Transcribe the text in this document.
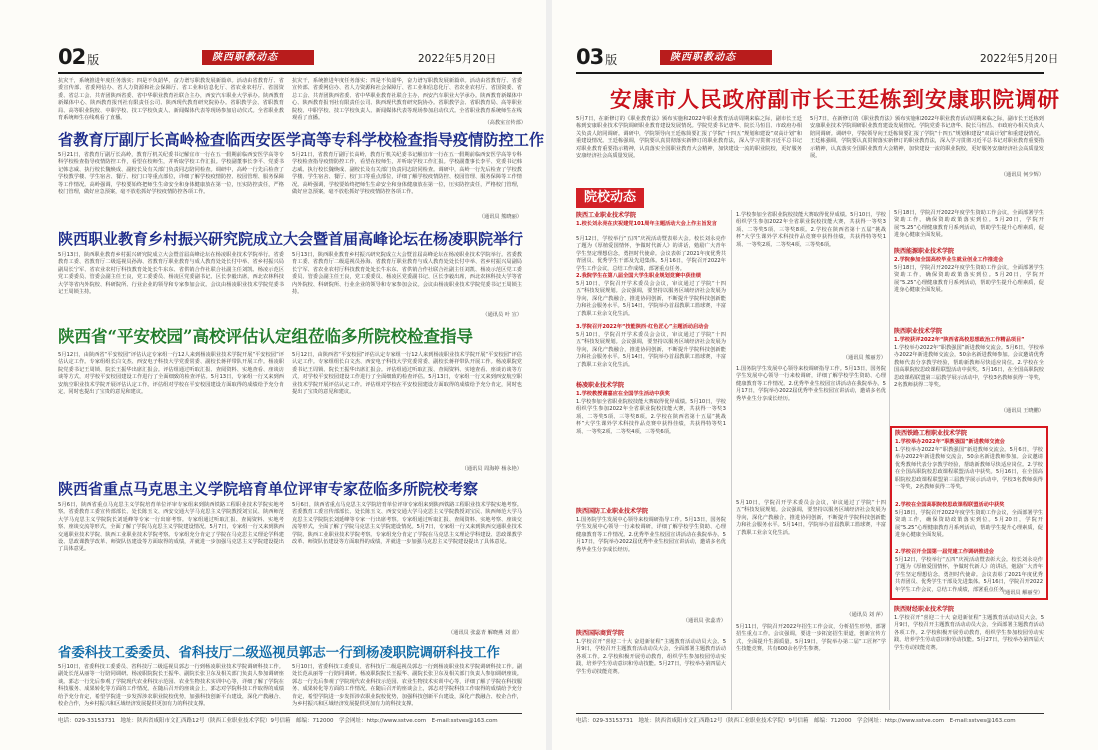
02 版	陕西职教动态	2022年5月20日
抗灾干，系统推进年度任务落实；四是不负韶华，奋力谱写职教发展新篇章。活动由省教育厅、省委宣传部、省委网信办、省人力资源和社会保障厅、省工业和信息化厅、省农业农村厅、省国资委、省总工会、共青团陕西省委、省中华职业教育社联合主办，西安汽车职业大学承办。陕西教育新媒体中心、陕西教育报刊社有限责任公司、陕西现代教育研究院协办。省职教学会、省职教育局、高等职业院校、中职学校、技工学校负责人、新闻媒体代表等现场参加启动仪式。全省职业教育系统师生在线观看了直播。
抗灾干，系统推进年度任务落实；四是不负韶华，奋力谱写职教发展新篇章。活动由省教育厅、省委宣传部、省委网信办、省人力资源和社会保障厅、省工业和信息化厅、省农业农村厅、省国资委、省总工会、共青团陕西省委、省中华职业教育社联合主办，西安汽车职业大学承办。陕西教育新媒体中心、陕西教育报刊社有限责任公司、陕西现代教育研究院协办。省职教学会、省职教育局、高等职业院校、中职学校、技工学校负责人、新闻媒体代表等现场参加启动仪式。全省职业教育系统师生在线观看了直播。
（高教室宣传部）
省教育厅副厅长高岭检查临西安医学高等专科学校检查指导疫情防控工作
5月21日，省教育厅副厅长高岭，教育厅机关纪委书记解宜市一行在五一假期前临西安医学高等专科学校检查指导疫情防控工作，看望在校师生，并听取学校工作汇报。学校副董事长李平、党委书记韩志威、执行校长魏焕成、副校长及有关部门负责同志陪同检查。调研中，高岭一行先后检查了学校教学楼、学生宿舍、餐厅、校门口等重点部位，详细了解学校疫情防控、校园管理、服务保障等工作情况。高岭强调，学校要始终把师生生命安全和身体健康放在第一位，压实防控责任，严格校门管理，做好应急预案，毫不放松抓好学校疫情防控各项工作。
5月21日，省教育厅副厅长高岭，教育厅机关纪委书记解宜市一行在五一假期前临西安医学高等专科学校检查指导疫情防控工作，看望在校师生，并听取学校工作汇报。学校副董事长李平、党委书记韩志威、执行校长魏焕成、副校长及有关部门负责同志陪同检查。调研中，高岭一行先后检查了学校教学楼、学生宿舍、餐厅、校门口等重点部位，详细了解学校疫情防控、校园管理、服务保障等工作情况。高岭强调，学校要始终把师生生命安全和身体健康放在第一位，压实防控责任，严格校门管理，做好应急预案，毫不放松抓好学校疫情防控各项工作。
（通讯员 熊晓丽）
陕西职业教育乡村振兴研究院成立大会暨首届高峰论坛在杨凌职院举行
5月13日，陕西职业教育乡村振兴研究院成立大会暨首届高峰论坛在杨凌职业技术学院举行。省委教育工委、省教育厅二级巡视员孙海、省教育厅职业教育与成人教育处处长付中举、省乡村振兴局副局长宁军、省农业农村厅科技教育处处长牛东东、省供销合作社联合社副主任刘凯、杨凌示范区党工委委员、管委会副主任王良，党工委委员、杨凌区党委副书记、区长李毅出席，西北农林科技大学等省内外院校、科研院所、行业企业的领导和专家参加会议。会议由杨凌职业技术学院党委书记王周锁主持。
5月13日，陕西职业教育乡村振兴研究院成立大会暨首届高峰论坛在杨凌职业技术学院举行。省委教育工委、省教育厅二级巡视员孙海、省教育厅职业教育与成人教育处处长付中举、省乡村振兴局副局长宁军、省农业农村厅科技教育处处长牛东东、省供销合作社联合社副主任刘凯、杨凌示范区党工委委员、管委会副主任王良，党工委委员、杨凌区党委副书记、区长李毅出席，西北农林科技大学等省内外院校、科研院所、行业企业的领导和专家参加会议。会议由杨凌职业技术学院党委书记王周锁主持。
（通讯员 叶 宣）
陕西省“平安校园”高校评估认定组莅临多所院校检查指导
5月12日，由陕西省“平安校园”评估认定专家组一行12人来到杨凌职业技术学院开展“平安校园”评估认定工作。专家组组长白文杰、西安电子科技大学党委常委、副校长蒋祥带队开展工作。杨凌职院党委书记王周锁、院长王振华出席汇报会。评估组通过听取汇报、查阅资料、实地查看、座谈访谈等方式，对学校平安校园建设工作进行了全面细致的检查评估。5月13日，专家组一行又来到西安航空职业技术学院开展评估认定工作。评估组对学校在平安校园建设方面取得的成绩给予充分肯定，同时也提出了宝贵的意见和建议。
5月12日，由陕西省“平安校园”评估认定专家组一行12人来到杨凌职业技术学院开展“平安校园”评估认定工作。专家组组长白文杰、西安电子科技大学党委常委、副校长蒋祥带队开展工作。杨凌职院党委书记王周锁、院长王振华出席汇报会。评估组通过听取汇报、查阅资料、实地查看、座谈访谈等方式，对学校平安校园建设工作进行了全面细致的检查评估。5月13日，专家组一行又来到西安航空职业技术学院开展评估认定工作。评估组对学校在平安校园建设方面取得的成绩给予充分肯定，同时也提出了宝贵的意见和建议。
（通讯员 周海婷 杨永艳）
陕西省重点马克思主义学院培育单位评审专家莅临多所院校考察
5月6日，陕西省重点马克思主义学院培育单位评审专家组来到陕西铁路工程职业技术学院实地考察。省委教育工委宣传部部长、处长陈玉文、西安交通大学马克思主义学院教授刘宝民、陕西师范大学马克思主义学院院长刘延峰等专家一行出席考察。专家组通过听取汇报、查阅资料、实地考察、座谈交流等形式，全面了解了学院马克思主义学院建设情况。5月7日，专家组一行又来到陕西交通职业技术学院、陕西工业职业技术学院考察。专家组充分肯定了学院在马克思主义理论学科建设、思政课教学改革、师资队伍建设等方面取得的成绩，并就进一步加强马克思主义学院建设提出了具体意见。
5月6日，陕西省重点马克思主义学院培育单位评审专家组来到陕西铁路工程职业技术学院实地考察。省委教育工委宣传部部长、处长陈玉文、西安交通大学马克思主义学院教授刘宝民、陕西师范大学马克思主义学院院长刘延峰等专家一行出席考察。专家组通过听取汇报、查阅资料、实地考察、座谈交流等形式，全面了解了学院马克思主义学院建设情况。5月7日，专家组一行又来到陕西交通职业技术学院、陕西工业职业技术学院考察。专家组充分肯定了学院在马克思主义理论学科建设、思政课教学改革、师资队伍建设等方面取得的成绩，并就进一步加强马克思主义学院建设提出了具体意见。
（通讯员 张蕊青 解晓燕 刘 蓝）
省委科技工委委员、省科技厅二级巡视员郭志一行到杨凌职院调研科技工作
5月10日，省委科技工委委员、省科技厅二级巡视员郭志一行到杨凌职业技术学院调研科技工作。副处长范从丽等一行陪同调研。杨凌职院院长王振华、副院长张卫东及相关部门负责人参加调研座谈。郭志一行先后参观了学院现代农业科技示范园、农业生物技术实训中心等，详细了解了学院在科技服务、成果转化等方面的工作情况。在随后召开的座谈会上，郭志对学院科技工作取得的成绩给予充分肯定，希望学院进一步发挥涉农职业院校优势，加强科技创新平台建设，深化产教融合、校企合作，为乡村振兴和区域经济发展提供更加有力的科技支撑。
5月10日，省委科技工委委员、省科技厅二级巡视员郭志一行到杨凌职业技术学院调研科技工作。副处长范从丽等一行陪同调研。杨凌职院院长王振华、副院长张卫东及相关部门负责人参加调研座谈。郭志一行先后参观了学院现代农业科技示范园、农业生物技术实训中心等，详细了解了学院在科技服务、成果转化等方面的工作情况。在随后召开的座谈会上，郭志对学院科技工作取得的成绩给予充分肯定，希望学院进一步发挥涉农职业院校优势，加强科技创新平台建设，深化产教融合、校企合作，为乡村振兴和区域经济发展提供更加有力的科技支撑。
电话：029-33153731　地址：陕西省咸阳市文汇西路12号（陕西工业职业技术学院）9号信箱　邮编：712000　学会网址：http://www.sstve.com　E-mail:sstves@163.com
03 版	陕西职教动态	2022年5月20日
安康市人民政府副市长王廷栋到安康职院调研
5月7日，在新修订的《职业教育法》颁布实施和2022年职业教育活动周期来临之际，副市长王廷栋到安康职业技术学院调研职业教育建设发展情况。学院党委书记唐华、院长马恒昌、市政府办相关负责人陪同调研。调研中，学院领导向王廷栋简要汇报了学院“十四五”规划和建设“双高计划”和重建设情况。王廷栋强调，学院要认真贯彻落实新修订的职业教育法，深入学习贯彻习近平总书记对职业教育重要指示精神，认真落实全国职业教育大会精神，加快建设一流的职业院校，更好服务安康经济社会高质量发展。
5月7日，在新修订的《职业教育法》颁布实施和2022年职业教育活动周期来临之际，副市长王廷栋到安康职业技术学院调研职业教育建设发展情况。学院党委书记唐华、院长马恒昌、市政府办相关负责人陪同调研。调研中，学院领导向王廷栋简要汇报了学院“十四五”规划和建设“双高计划”和重建设情况。王廷栋强调，学院要认真贯彻落实新修订的职业教育法，深入学习贯彻习近平总书记对职业教育重要指示精神，认真落实全国职业教育大会精神，加快建设一流的职业院校，更好服务安康经济社会高质量发展。
（通讯员 何少辉）
院校动态
陕西工业职业技术学院
1.校长刘永亮在庆祝建党101周年主题活动大会上作主旨发言
5月12日，学校举行“五四”庆祝活动暨表彰大会。校长刘永亮作了题为《厚植爱国情怀，争做时代新人》的讲话，勉励广大青年学生坚定理想信念，勇担时代使命。会议表彰了2021年度优秀共青团员、优秀学生干部及先进集体。5月16日，学院召开2022年学生工作会议，总结工作成绩，部署重点任务。
2.我院学生在第八届全国大学生职业规划竞赛中获佳绩
5月10日，学院召开学术委员会会议，审议通过了学院“十四五”科技发展规划。会议强调，要坚持以服务区域经济社会发展为导向，深化产教融合，推进协同创新，不断提升学院科技创新能力和社会服务水平。5月14日，学院举办首届教职工篮球赛，丰富了教职工业余文化生活。
3.学院召开2022年“技能陕西·红色匠心”主题活动启动会
5月10日，学院召开学术委员会会议，审议通过了学院“十四五”科技发展规划。会议强调，要坚持以服务区域经济社会发展为导向，深化产教融合，推进协同创新，不断提升学院科技创新能力和社会服务水平。5月14日，学院举办首届教职工篮球赛，丰富了教职工业余文化生活。
杨凌职业技术学院
1.学校教授谢嘉应在全国学生活动中获奖
1.学校参加全省职业院校技能大赛取得优异成绩。5月10日，学校组织学生参加2022年全省职业院校技能大赛，共获得一等奖3项、二等奖5项、三等奖8项。2.学校在陕西省第十五届“挑战杯”大学生课外学术科技作品竞赛中获得佳绩，共获得特等奖1项、一等奖2项、二等奖4项、三等奖6项。
陕西国防工业职业技术学院
1.国务院学生发展中心领导来校调研指导工作。5月13日，国务院学生发展中心领导一行来校调研，详细了解学校学生资助、心理健康教育等工作情况。2.优秀毕业生校园宣讲活动在我院举办。5月17日，学院举办2022届优秀毕业生校园宣讲活动，邀请多名优秀毕业生分享成长经历。
（通讯员 张蕊青）
陕西国际商贸学院
1.学校召开“喜迎二十大 奋进新征程”主题教育活动动员大会。5月9日，学校召开主题教育活动动员大会，全面部署主题教育活动各项工作。2.学校积极开展劳动教育，组织学生参加校园劳动实践，培养学生劳动意识和劳动技能。5月27日，学校举办第四届大学生劳动技能竞赛。
1.学校参加全省职业院校技能大赛取得优异成绩。5月10日，学校组织学生参加2022年全省职业院校技能大赛，共获得一等奖3项、二等奖5项、三等奖8项。2.学校在陕西省第十五届“挑战杯”大学生课外学术科技作品竞赛中获得佳绩，共获得特等奖1项、一等奖2项、二等奖4项、三等奖6项。
（通讯员 熊丽芳）
1.国务院学生发展中心领导来校调研指导工作。5月13日，国务院学生发展中心领导一行来校调研，详细了解学校学生资助、心理健康教育等工作情况。2.优秀毕业生校园宣讲活动在我院举办。5月17日，学院举办2022届优秀毕业生校园宣讲活动，邀请多名优秀毕业生分享成长经历。
5月10日，学院召开学术委员会会议，审议通过了学院“十四五”科技发展规划。会议强调，要坚持以服务区域经济社会发展为导向，深化产教融合，推进协同创新，不断提升学院科技创新能力和社会服务水平。5月14日，学院举办首届教职工篮球赛，丰富了教职工业余文化生活。
（通讯员 刘 萍）
5月11日，学院召开2022年招生工作会议，分析招生形势，部署招生重点工作。会议强调，要进一步拓宽招生渠道，创新宣传方式，全面提升生源质量。5月19日，学院举办第二届“工匠杯”学生技能竞赛，共有600余名学生参赛。
5月18日，学院召开2022年度学生资助工作会议，全面部署学生资助工作，确保资助政策落实到位。5月20日，学院开展“5.25”心理健康教育月系列活动，帮助学生提升心理素质，促进身心健康全面发展。
陕西能源职业技术学院
2.学院参加全国高校毕业生就业创业工作推进会
5月18日，学院召开2022年度学生资助工作会议，全面部署学生资助工作，确保资助政策落实到位。5月20日，学院开展“5.25”心理健康教育月系列活动，帮助学生提升心理素质，促进身心健康全面发展。
陕西职业技术学院
1.学校获评2022年“陕西省高校思想政治工作精品项目”
1.学校举办2022年“职教强国”新进教师交流会。5月6日，学校举办2022年新进教师交流会，50余名新进教师参加。会议邀请优秀教师代表分享教学经验，帮助新教师尽快适应岗位。2.学校在全国高职院校思政课程联盟活动中获奖。5月16日，在全国高职院校思政课程联盟第三届教学展示活动中，学校3名教师获得一等奖，2名教师获得二等奖。
（通讯员 王晓鹏）
陕西铁路工程职业技术学院
1.学校举办2022年“职教强国”新进教师交流会
1.学校举办2022年“职教强国”新进教师交流会。5月6日，学校举办2022年新进教师交流会，50余名新进教师参加。会议邀请优秀教师代表分享教学经验，帮助新教师尽快适应岗位。2.学校在全国高职院校思政课程联盟活动中获奖。5月16日，在全国高职院校思政课程联盟第三届教学展示活动中，学校3名教师获得一等奖，2名教师获得二等奖。
2.学校在全国高职院校思政课程联盟活动中获奖
5月18日，学院召开2022年度学生资助工作会议，全面部署学生资助工作，确保资助政策落实到位。5月20日，学院开展“5.25”心理健康教育月系列活动，帮助学生提升心理素质，促进身心健康全面发展。
2.学校召开全国第一届党建工作调研推进会
5月12日，学校举行“五四”庆祝活动暨表彰大会。校长刘永亮作了题为《厚植爱国情怀，争做时代新人》的讲话，勉励广大青年学生坚定理想信念，勇担时代使命。会议表彰了2021年度优秀共青团员、优秀学生干部及先进集体。5月16日，学院召开2022年学生工作会议，总结工作成绩，部署重点任务。
（通讯员 解丽莹）
陕西财经职业技术学院
1.学校召开“喜迎二十大 奋进新征程”主题教育活动动员大会。5月9日，学校召开主题教育活动动员大会，全面部署主题教育活动各项工作。2.学校积极开展劳动教育，组织学生参加校园劳动实践，培养学生劳动意识和劳动技能。5月27日，学校举办第四届大学生劳动技能竞赛。
电话：029-33153731　地址：陕西省咸阳市文汇西路12号（陕西工业职业技术学院）9号信箱　邮编：712000　学会网址：http://www.sstve.com　E-mail:sstves@163.com
